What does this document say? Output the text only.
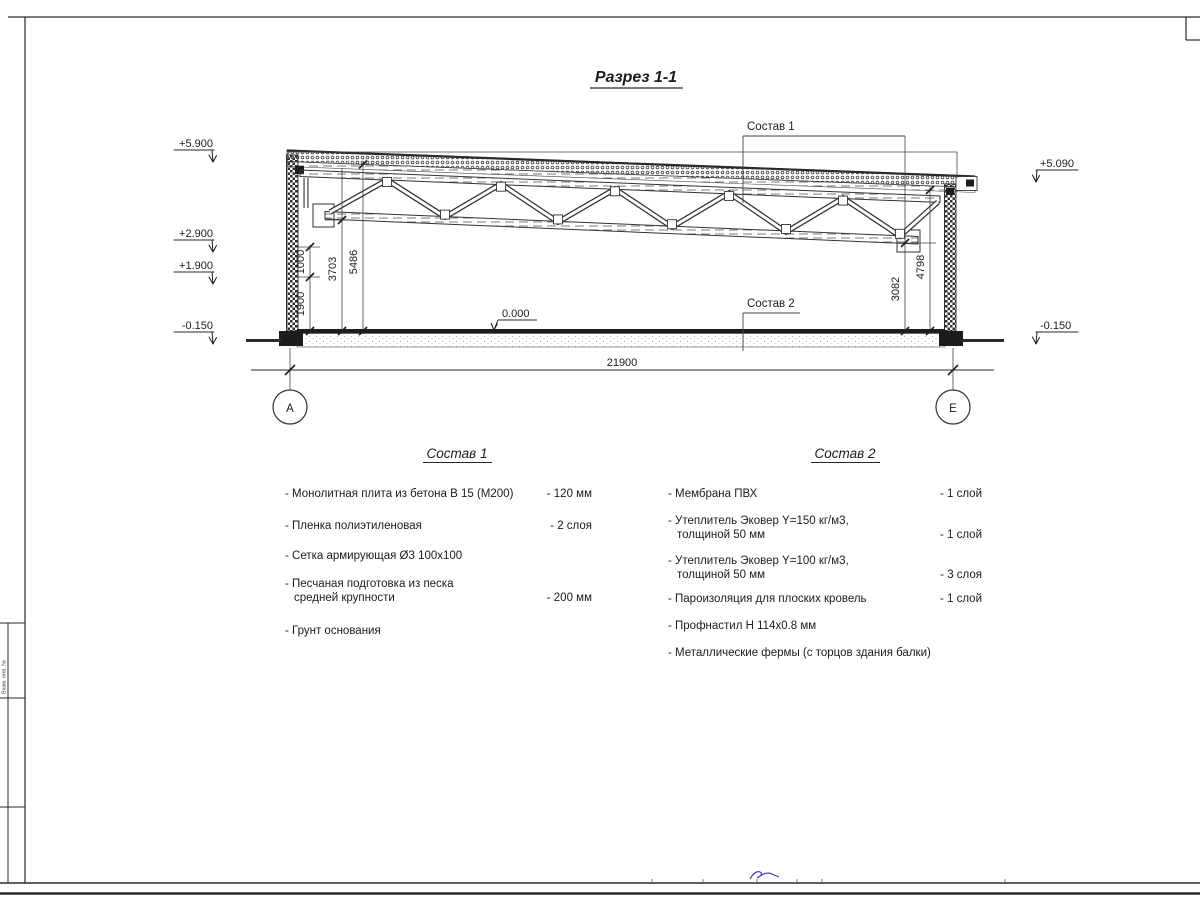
Взам. инв. №
1000
1900
3703 5486
3082
4798
21900
А	Е
+5.900
+2.900
+1.900
-0.150
+5.090
-0.150
0.000
Состав 1
Состав 2
Разрез 1-1
Состав 1
- Монолитная плита из бетона В 15 (М200)	- 120 мм
- Пленка полиэтиленовая	- 2 слоя
- Сетка армирующая Ø3 100х100
- Песчаная подготовка из песка
средней крупности	- 200 мм
- Грунт основания
Состав 2
- Мембрана ПВХ	- 1 слой
- Утеплитель Эковер Y=150 кг/м3,
толщиной 50 мм	- 1 слой
- Утеплитель Эковер Y=100 кг/м3,
толщиной 50 мм	- 3 слоя
- Пароизоляция для плоских кровель	- 1 слой
- Профнастил Н 114х0.8 мм
- Металлические фермы (с торцов здания балки)
